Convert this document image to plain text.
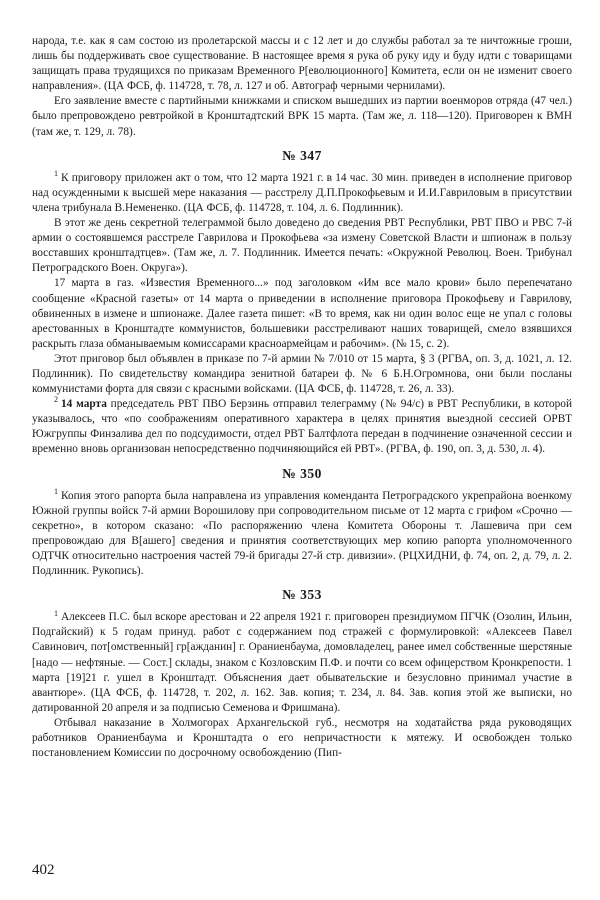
народа, т.е. как я сам состою из пролетарской массы и с 12 лет и до службы работал за те ничтожные гроши, лишь бы поддерживать свое существование. В настоящее время я рука об руку иду и буду идти с товарищами защищать права трудящихся по приказам Временного Р[еволюционного] Комитета, если он не изменит своего направления». (ЦА ФСБ, ф. 114728, т. 78, л. 127 и об. Автограф черными чернилами).

Его заявление вместе с партийными книжками и списком вышедших из партии военморов отряда (47 чел.) было препровождено ревтройкой в Кронштадтский ВРК 15 марта. (Там же, л. 118—120). Приговорен к ВМН (там же, т. 129, л. 78).

№ 347

$^1$ К приговору приложен акт о том, что 12 марта 1921 г. в 14 час. 30 мин. приведен в исполнение приговор над осужденными к высшей мере наказания — расстрелу Д.П.Прокофьевым и И.И.Гавриловым в присутствии члена трибунала В.Немененко. (ЦА ФСБ, ф. 114728, т. 104, л. 6. Подлинник).

В этот же день секретной телеграммой было доведено до сведения РВТ Республики, РВТ ПВО и РВС 7-й армии о состоявшемся расстреле Гаврилова и Прокофьева «за измену Советской Власти и шпионаж в пользу восставших кронштадтцев». (Там же, л. 7. Подлинник. Имеется печать: «Окружной Революц. Воен. Трибунал Петроградского Воен. Округа»).

17 марта в газ. «Известия Временного...» под заголовком «Им все мало крови» было перепечатано сообщение «Красной газеты» от 14 марта о приведении в исполнение приговора Прокофьеву и Гаврилову, обвиненных в измене и шпионаже. Далее газета пишет: «В то время, как ни один волос еще не упал с головы арестованных в Кронштадте коммунистов, большевики расстреливают наших товарищей, смело взявшихся раскрыть глаза обманываемым комиссарами красноармейцам и рабочим». (№ 15, с. 2).

Этот приговор был объявлен в приказе по 7-й армии № 7/010 от 15 марта, § 3 (РГВА, оп. 3, д. 1021, л. 12. Подлинник). По свидетельству командира зенитной батареи ф. № 6 Б.Н.Огромнова, они были посланы коммунистами форта для связи с красными войсками. (ЦА ФСБ, ф. 114728, т. 26, л. 33).

$^2$ 14 марта председатель РВТ ПВО Берзинь отправил телеграмму (№ 94/с) в РВТ Республики, в которой указывалось, что «по соображениям оперативного характера в целях принятия выездной сессией ОРВТ Южгруппы Финзалива дел по подсудимости, отдел РВТ Балтфлота передан в подчинение означенной сессии и временно вновь организован непосредственно подчиняющийся ей РВТ». (РГВА, ф. 190, оп. 3, д. 530, л. 4).

№ 350

$^1$ Копия этого рапорта была направлена из управления коменданта Петроградского укрепрайона военкому Южной группы войск 7-й армии Ворошилову при сопроводительном письме от 12 марта с грифом «Срочно — секретно», в котором сказано: «По распоряжению члена Комитета Обороны т. Лашевича при сем препровождаю для В[ашего] сведения и принятия соответствующих мер копию рапорта уполномоченного ОДТЧК относительно настроения частей 79-й бригады 27-й стр. дивизии». (РЦХИДНИ, ф. 74, оп. 2, д. 79, л. 2. Подлинник. Рукопись).

№ 353

$^1$ Алексеев П.С. был вскоре арестован и 22 апреля 1921 г. приговорен президиумом ПГЧК (Озолин, Ильин, Подгайский) к 5 годам принуд. работ с содержанием под стражей с формулировкой: «Алексеев Павел Савинович, пот[омственный] гр[ажданин] г. Ораниенбаума, домовладелец, ранее имел собственные шерстяные [надо — нефтяные. — Сост.] склады, знаком с Козловским П.Ф. и почти со всем офицерством Кронкрепости. 1 марта [19]21 г. ушел в Кронштадт. Объяснения дает обывательские и безусловно принимал участие в авантюре». (ЦА ФСБ, ф. 114728, т. 202, л. 162. Зав. копия; т. 234, л. 84. Зав. копия этой же выписки, но датированной 20 апреля и за подписью Семенова и Фришмана).

Отбывал наказание в Холмогорах Архангельской губ., несмотря на ходатайства ряда руководящих работников Ораниенбаума и Кронштадта о его непричастности к мятежу. И освобожден только постановлением Комиссии по досрочному освобождению (Пип-

402
